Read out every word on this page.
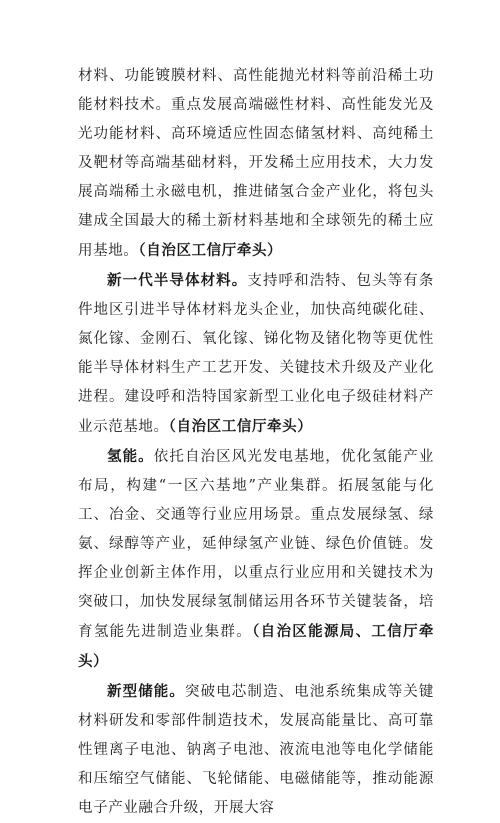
材料、功能镀膜材料、高性能抛光材料等前沿稀土功能材料技术。重点发展高端磁性材料、高性能发光及光功能材料、高环境适应性固态储氢材料、高纯稀土及靶材等高端基础材料，开发稀土应用技术，大力发展高端稀土永磁电机，推进储氢合金产业化，将包头建成全国最大的稀土新材料基地和全球领先的稀土应用基地。（自治区工信厅牵头）

新一代半导体材料。支持呼和浩特、包头等有条件地区引进半导体材料龙头企业，加快高纯碳化硅、氮化镓、金刚石、氧化镓、锑化物及锗化物等更优性能半导体材料生产工艺开发、关键技术升级及产业化进程。建设呼和浩特国家新型工业化电子级硅材料产业示范基地。（自治区工信厅牵头）

氢能。依托自治区风光发电基地，优化氢能产业布局，构建“一区六基地”产业集群。拓展氢能与化工、冶金、交通等行业应用场景。重点发展绿氢、绿氨、绿醇等产业，延伸绿氢产业链、绿色价值链。发挥企业创新主体作用，以重点行业应用和关键技术为突破口，加快发展绿氢制储运用各环节关键装备，培育氢能先进制造业集群。（自治区能源局、工信厅牵头）

新型储能。突破电芯制造、电池系统集成等关键材料研发和零部件制造技术，发展高能量比、高可靠性锂离子电池、钠离子电池、液流电池等电化学储能和压缩空气储能、飞轮储能、电磁储能等，推动能源电子产业融合升级，开展大容
